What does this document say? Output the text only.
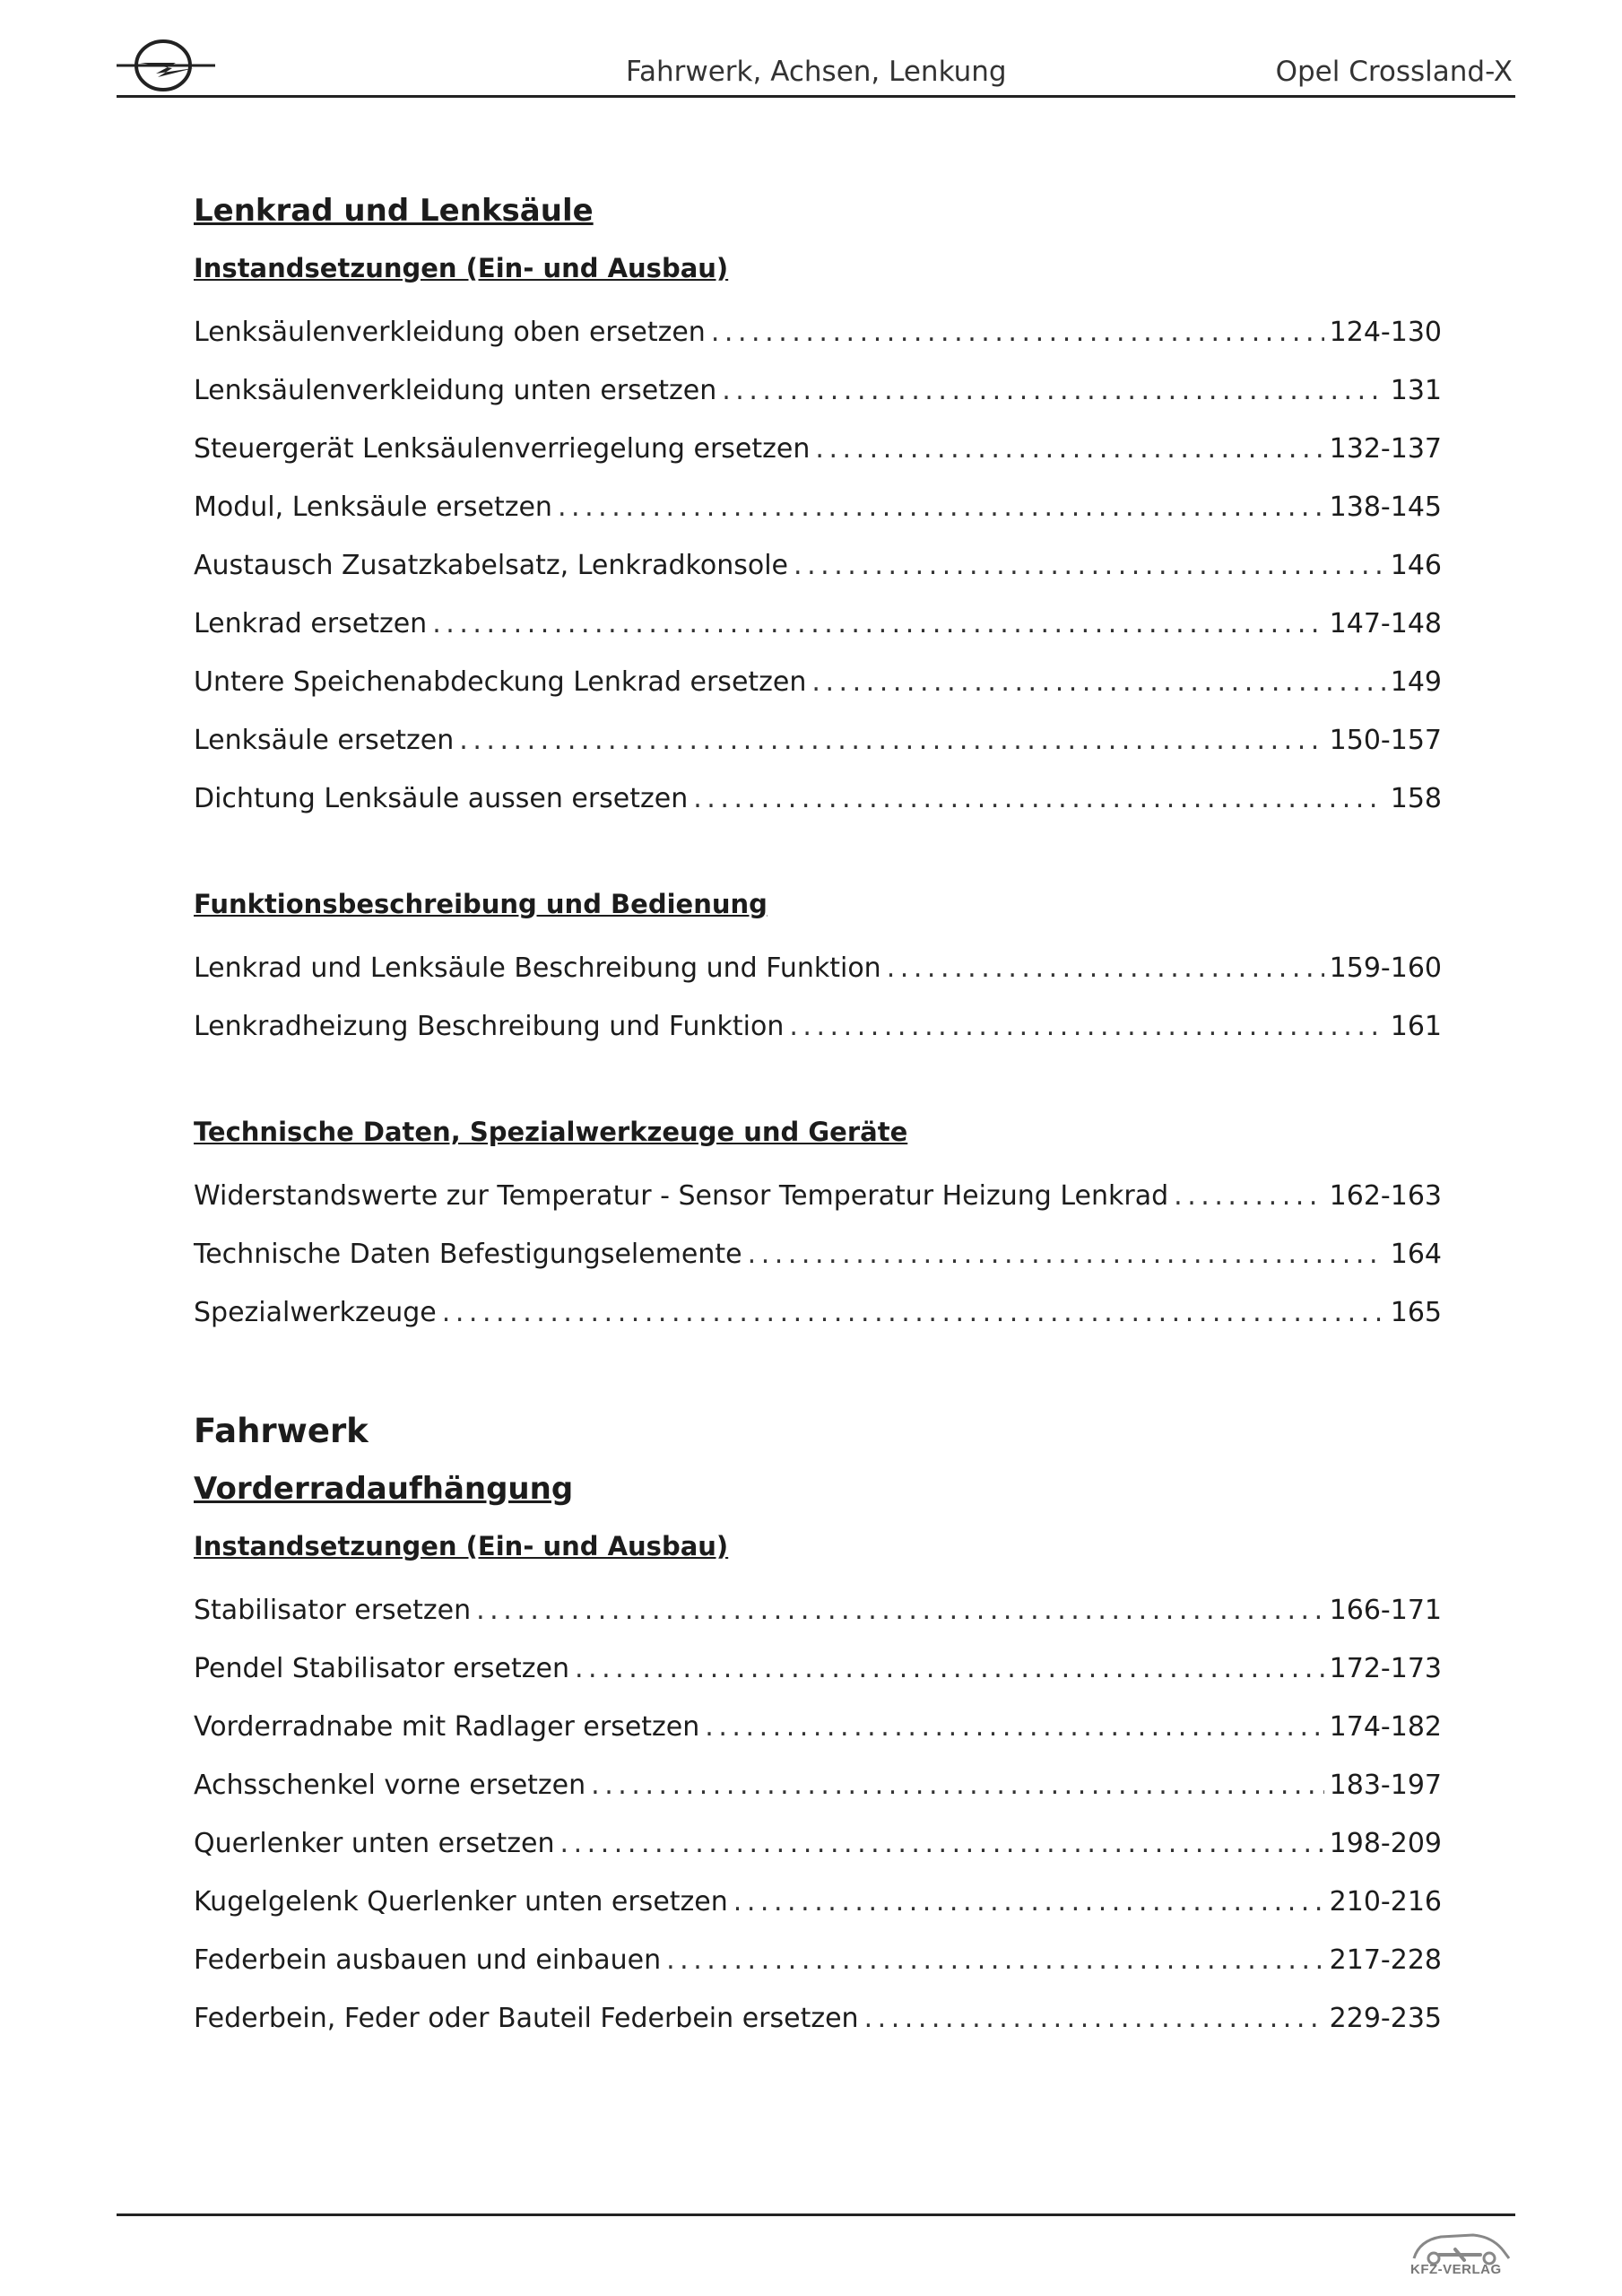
Fahrwerk, Achsen, Lenkung	Opel Crossland-X
Lenkrad und Lenksäule
Instandsetzungen (Ein- und Ausbau)
Lenksäulenverkleidung oben ersetzen . . .	124-130
Lenksäulenverkleidung unten ersetzen . . .	131
Steuergerät Lenksäulenverriegelung ersetzen . . .	132-137
Modul, Lenksäule ersetzen . . .	138-145
Austausch Zusatzkabelsatz, Lenkradkonsole . . .	146
Lenkrad ersetzen . . .	147-148
Untere Speichenabdeckung Lenkrad ersetzen . . .	149
Lenksäule ersetzen . . .	150-157
Dichtung Lenksäule aussen ersetzen . . .	158
Funktionsbeschreibung und Bedienung
Lenkrad und Lenksäule Beschreibung und Funktion . . .	159-160
Lenkradheizung Beschreibung und Funktion . . .	161
Technische Daten, Spezialwerkzeuge und Geräte
Widerstandswerte zur Temperatur - Sensor Temperatur Heizung Lenkrad . . .	162-163
Technische Daten Befestigungselemente . . .	164
Spezialwerkzeuge . . .	165
Fahrwerk
Vorderradaufhängung
Instandsetzungen (Ein- und Ausbau)
Stabilisator ersetzen . . .	166-171
Pendel Stabilisator ersetzen . . .	172-173
Vorderradnabe mit Radlager ersetzen . . .	174-182
Achsschenkel vorne ersetzen . . .	183-197
Querlenker unten ersetzen . . .	198-209
Kugelgelenk Querlenker unten ersetzen . . .	210-216
Federbein ausbauen und einbauen . . .	217-228
Federbein, Feder oder Bauteil Federbein ersetzen . . .	229-235
KFZ-VERLAG
